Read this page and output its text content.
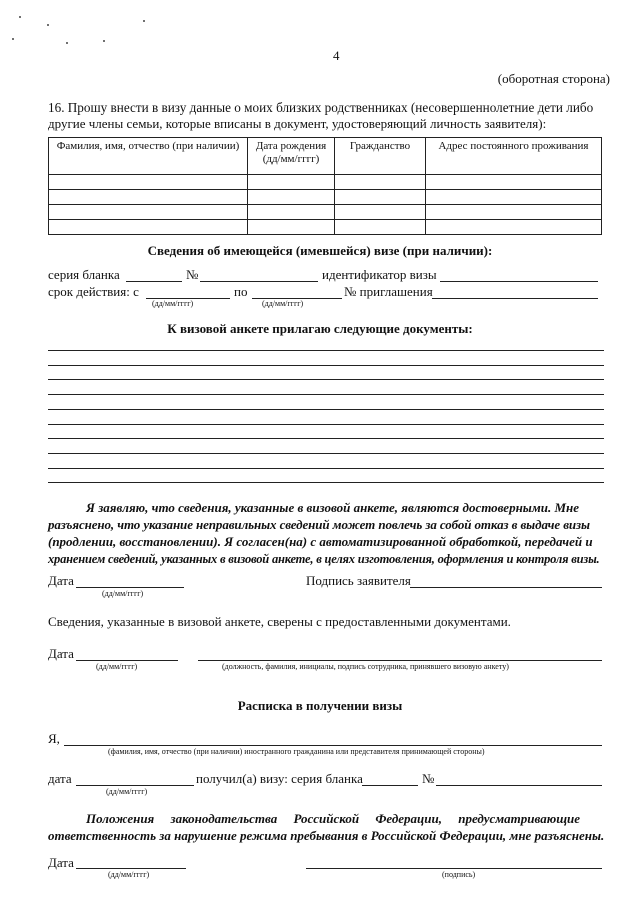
4
(оборотная сторона)
16. Прошу внести в визу данные о моих близких родственниках (несовершеннолетние дети либо
другие члены семьи, которые вписаны в документ, удостоверяющий личность заявителя):
Фамилия, имя, отчество (при наличии)	Дата рождения (дд/мм/гггг)	Гражданство	Адрес постоянного проживания

Сведения об имеющейся (имевшейся) визе (при наличии):
серия бланка	№	идентификатор визы
срок действия: с	по	№ приглашения
(дд/мм/гггг)	(дд/мм/гггг)
К визовой анкете прилагаю следующие документы:
Я заявляю, что сведения, указанные в визовой анкете, являются достоверными. Мне
разъяснено, что указание неправильных сведений может повлечь за собой отказ в выдаче визы
(продлении, восстановлении). Я согласен(на) с автоматизированной обработкой, передачей и
хранением сведений, указанных в визовой анкете, в целях изготовления, оформления и контроля визы.
Дата
(дд/мм/гггг)
Подпись заявителя
Сведения, указанные в визовой анкете, сверены с предоставленными документами.
Дата
(дд/мм/гггг)	(должность, фамилия, инициалы, подпись сотрудника, принявшего визовую анкету)
Расписка в получении визы
Я,
(фамилия, имя, отчество (при наличии) иностранного гражданина или представителя принимающей стороны)
дата
(дд/мм/гггг)
получил(а) визу: серия бланка	№
Положения     законодательства     Российской     Федерации,     предусматривающие
ответственность за нарушение режима пребывания в Российской Федерации, мне разъяснены.
Дата
(дд/мм/гггг)	(подпись)
